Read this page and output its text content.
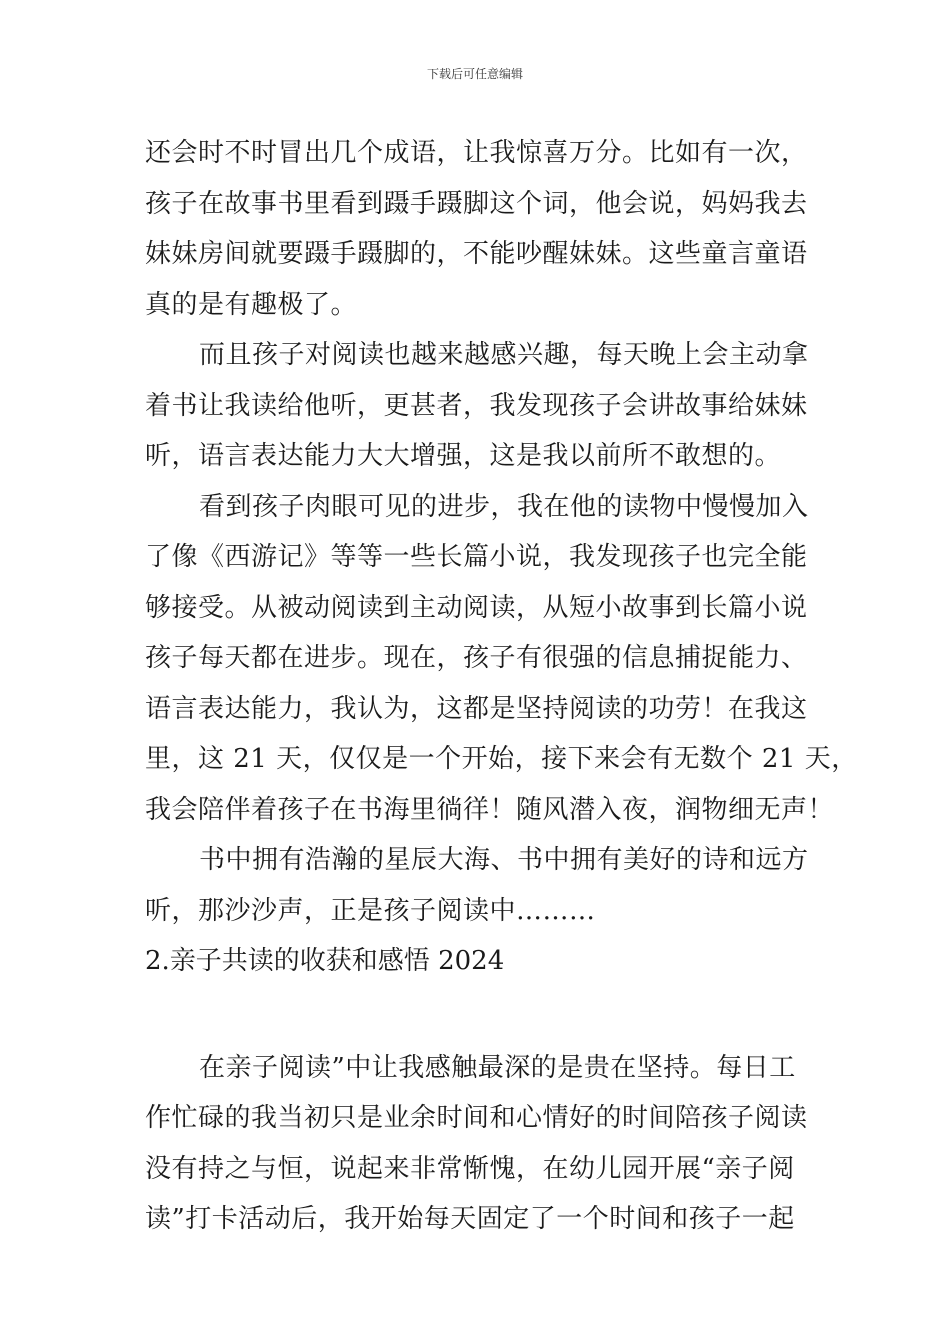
下载后可任意编辑
还会时不时冒出几个成语，让我惊喜万分。比如有一次，
孩子在故事书里看到蹑手蹑脚这个词，他会说，妈妈我去
妹妹房间就要蹑手蹑脚的，不能吵醒妹妹。这些童言童语
真的是有趣极了。
而且孩子对阅读也越来越感兴趣，每天晚上会主动拿
着书让我读给他听，更甚者，我发现孩子会讲故事给妹妹
听，语言表达能力大大增强，这是我以前所不敢想的。
看到孩子肉眼可见的进步，我在他的读物中慢慢加入
了像《西游记》等等一些长篇小说，我发现孩子也完全能
够接受。从被动阅读到主动阅读，从短小故事到长篇小说
孩子每天都在进步。现在，孩子有很强的信息捕捉能力、
语言表达能力，我认为，这都是坚持阅读的功劳！在我这
里，这 21 天，仅仅是一个开始，接下来会有无数个 21 天，
我会陪伴着孩子在书海里徜徉！随风潜入夜，润物细无声！
书中拥有浩瀚的星辰大海、书中拥有美好的诗和远方
听，那沙沙声，正是孩子阅读中………
2.亲子共读的收获和感悟 2024
在亲子阅读”中让我感触最深的是贵在坚持。每日工
作忙碌的我当初只是业余时间和心情好的时间陪孩子阅读
没有持之与恒，说起来非常惭愧，在幼儿园开展“亲子阅
读”打卡活动后，我开始每天固定了一个时间和孩子一起
